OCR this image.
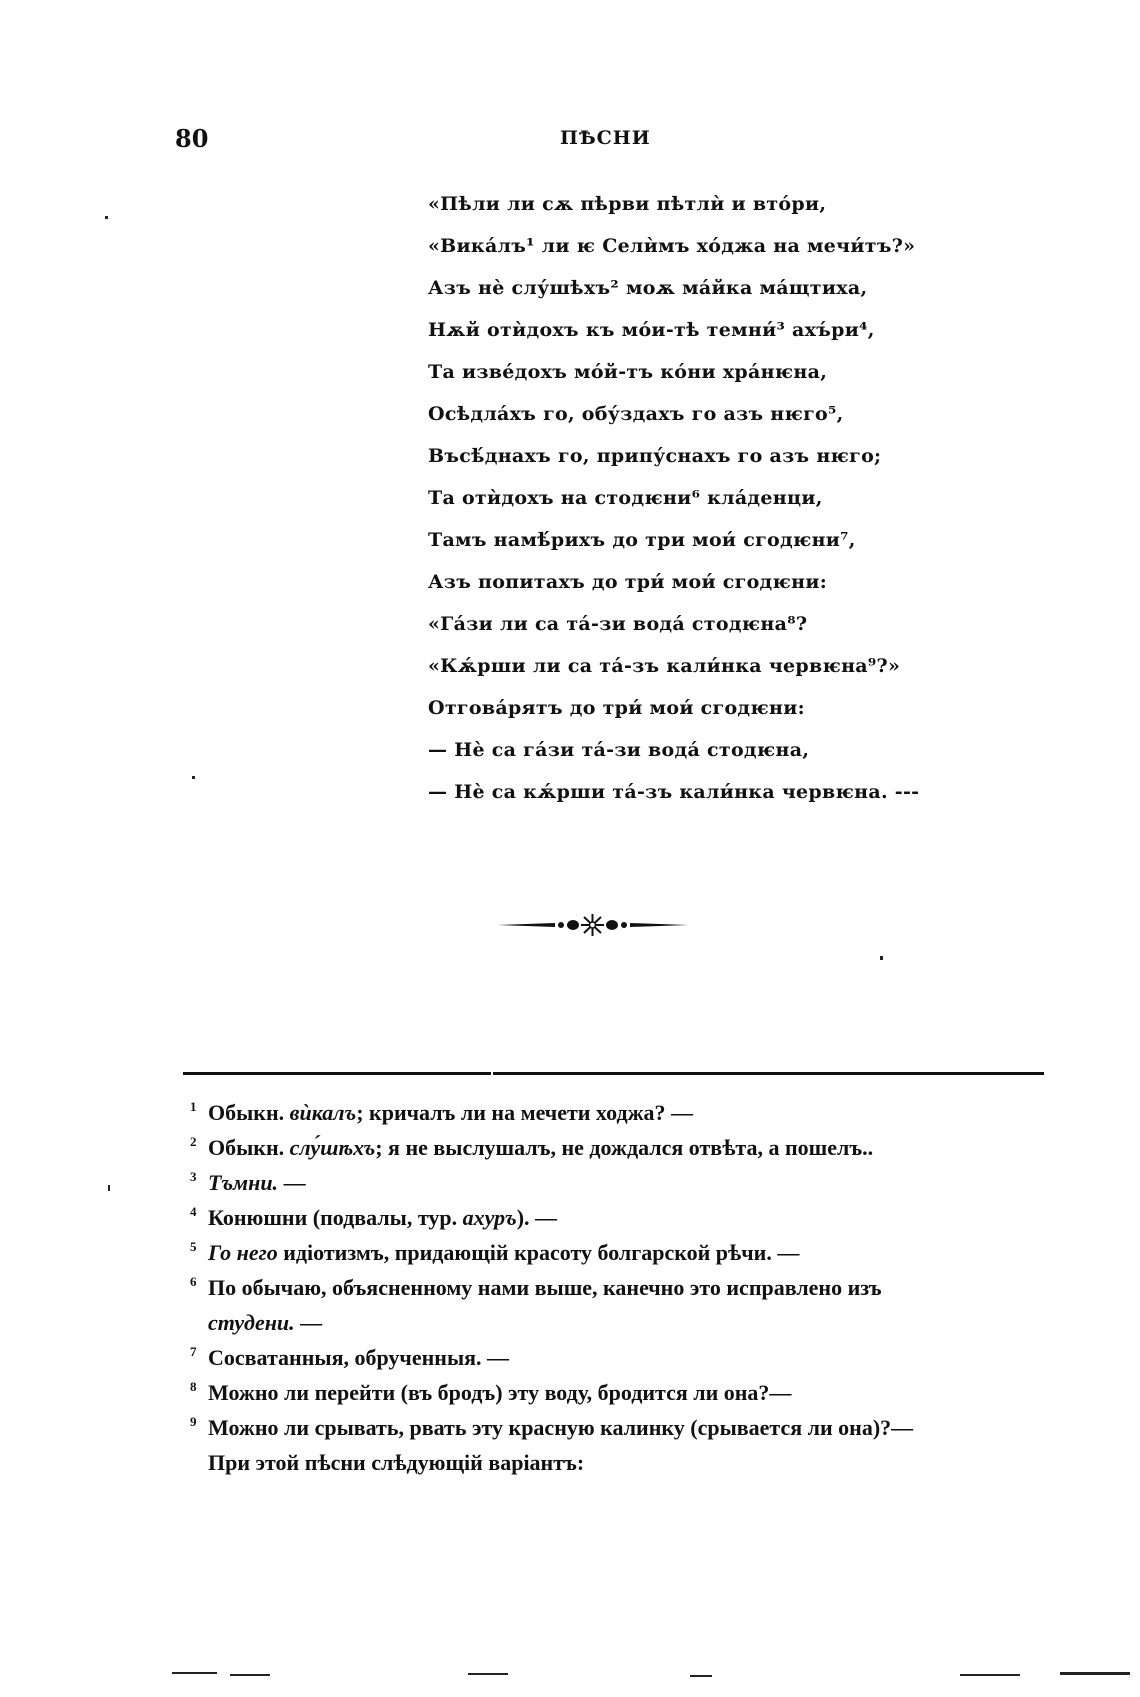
80	ПѢСНИ
«Пѣли ли сѫ пѣрви пѣтлѝ и вто́ри,
«Викáлъ¹ ли ѥ Селѝмъ хо́джа на мечи́тъ?»
Азъ нѐ слу́шѣхъ² моѫ ма́йка ма́щтиха,
Нѫй отѝдохъ къ мо́и-тѣ темни́³ ахъ́ри⁴,
Та изве́дохъ мо́й-тъ ко́ни хра́нѥна,
Осѣдла́хъ го, обу́здахъ го азъ нѥго⁵,
Въсѣ́днахъ го, припу́снахъ го азъ нѥго;
Та отѝдохъ на стодѥни⁶ кла́денци,
Тамъ намѣ́рихъ до три мои́ сгодѥни⁷,
Азъ попитахъ до три́ мои́ сгодѥни:
«Га́зи ли са та́-зи вода́ стодѥна⁸?
«Кѫ́рши ли са та́-зъ кали́нка червѥна⁹?»
Отговáрятъ до три́ мои́ сгодѥни:
— Нѐ са га́зи та́-зи вода́ стодѥна,
— Нѐ са кѫ́рши та́-зъ кали́нка червѥна. ---
1 Обыкн. вѝкалъ; кричалъ ли на мечети ходжа? —
2 Обыкн. слу́шѣхъ; я не выслушалъ, не дождался отвѣта, а пошелъ..
3 Тъмни. —
4 Конюшни (подвалы, тур. ахуръ). —
5 Го него идіотизмъ, придающій красоту болгарской рѣчи. —
6 По обычаю, объясненному нами выше, канечно это исправлено изъ
студени. —
7 Сосватанныя, обрученныя. —
8 Можно ли перейти (въ бродъ) эту воду, бродится ли она?—
9 Можно ли срывать, рвать эту красную калинку (срывается ли она)?—
При этой пѣсни слѣдующій варіантъ:
